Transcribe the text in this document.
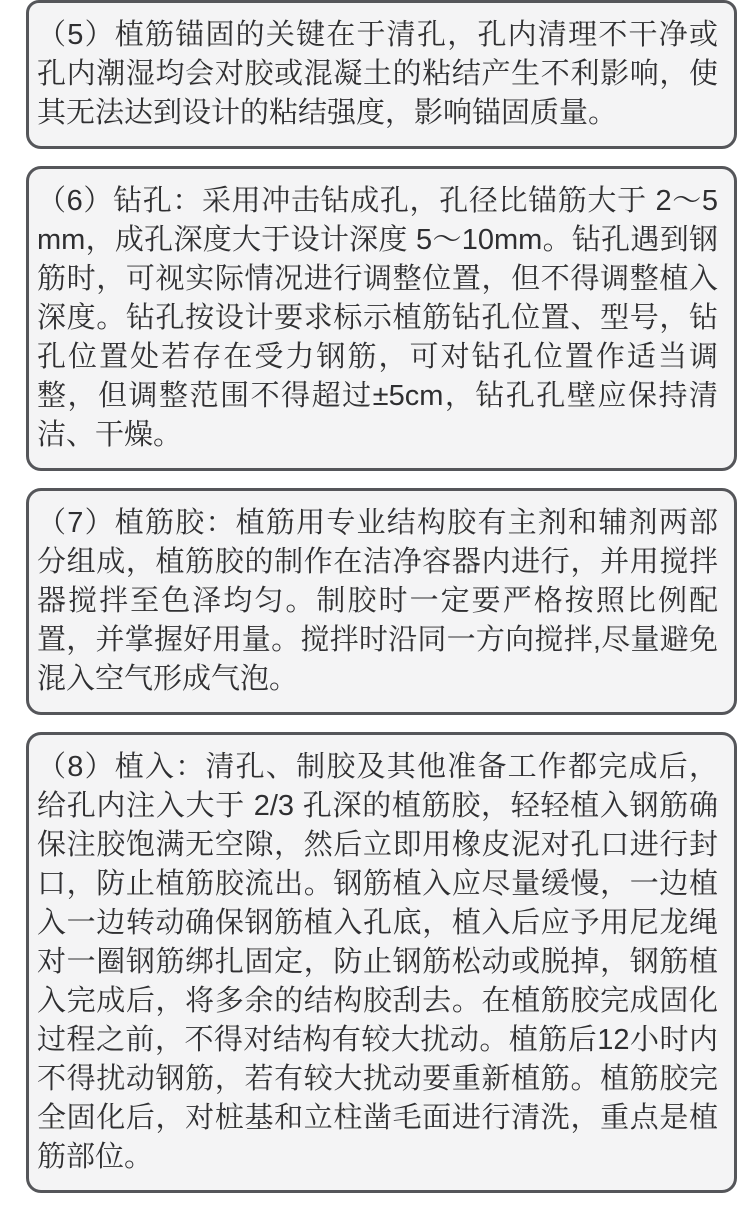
（5）植筋锚固的关键在于清孔，孔内清理不干净或孔内潮湿均会对胶或混凝土的粘结产生不利影响，使其无法达到设计的粘结强度，影响锚固质量。

（6）钻孔：采用冲击钻成孔，孔径比锚筋大于 2～5mm，成孔深度大于设计深度 5～10mm。钻孔遇到钢筋时，可视实际情况进行调整位置，但不得调整植入深度。钻孔按设计要求标示植筋钻孔位置、型号，钻孔位置处若存在受力钢筋，可对钻孔位置作适当调整，但调整范围不得超过±5cm，钻孔孔壁应保持清洁、干燥。

（7）植筋胶：植筋用专业结构胶有主剂和辅剂两部分组成，植筋胶的制作在洁净容器内进行，并用搅拌器搅拌至色泽均匀。制胶时一定要严格按照比例配置，并掌握好用量。搅拌时沿同一方向搅拌,尽量避免混入空气形成气泡。

（8）植入：清孔、制胶及其他准备工作都完成后，给孔内注入大于 2/3 孔深的植筋胶，轻轻植入钢筋确保注胶饱满无空隙，然后立即用橡皮泥对孔口进行封口，防止植筋胶流出。钢筋植入应尽量缓慢，一边植入一边转动确保钢筋植入孔底，植入后应予用尼龙绳对一圈钢筋绑扎固定，防止钢筋松动或脱掉，钢筋植入完成后，将多余的结构胶刮去。在植筋胶完成固化过程之前，不得对结构有较大扰动。植筋后12小时内不得扰动钢筋，若有较大扰动要重新植筋。植筋胶完全固化后，对桩基和立柱凿毛面进行清洗，重点是植筋部位。
